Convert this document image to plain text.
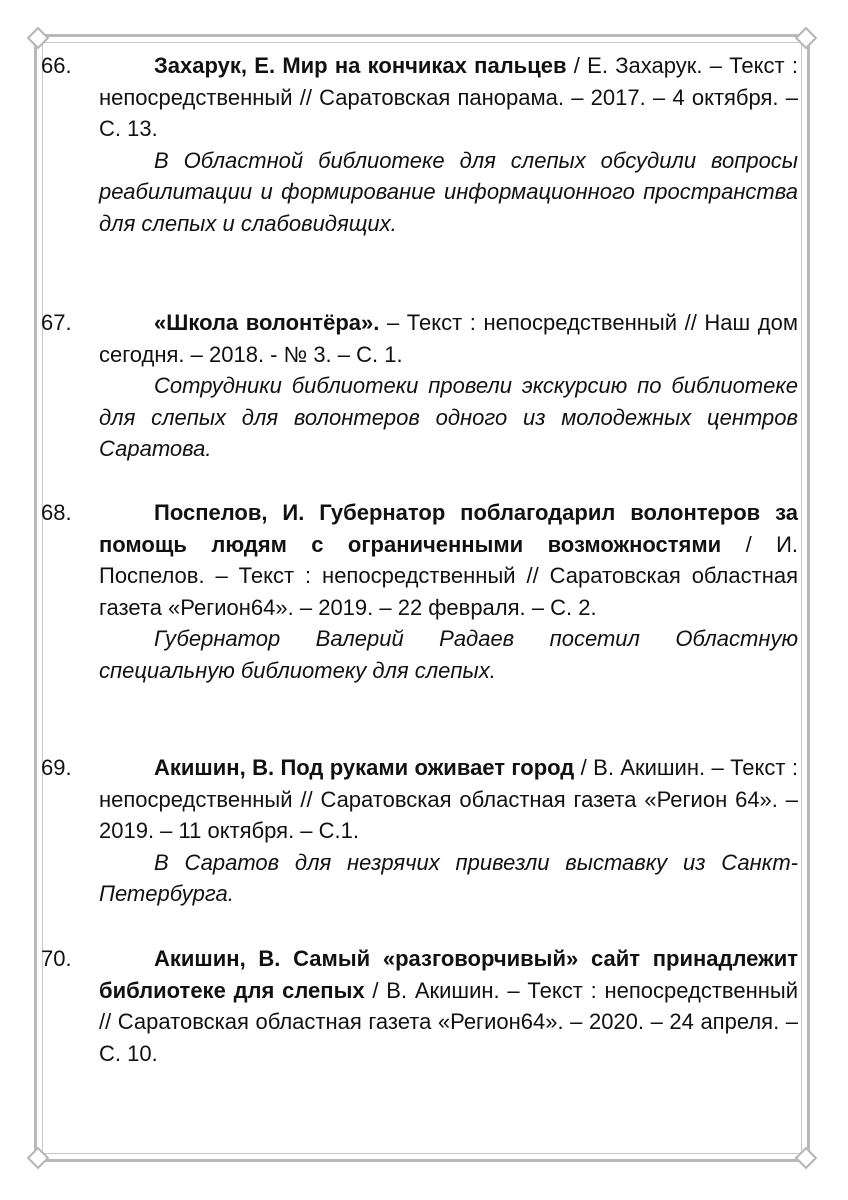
66.	Захарук, Е. Мир на кончиках пальцев / Е. Захарук. – Текст : непосредственный // Саратовская панорама. – 2017. – 4 октября. – С. 13.

В Областной библиотеке для слепых обсудили вопросы реабилитации и формирование информационного пространства для слепых и слабовидящих.

67.	«Школа волонтёра». – Текст : непосредственный // Наш дом сегодня. – 2018. - № 3. – С. 1.

Сотрудники библиотеки провели экскурсию по библиотеке для слепых для волонтеров одного из молодежных центров Саратова.

68.	Поспелов, И. Губернатор поблагодарил волонтеров за помощь людям с ограниченными возможностями / И. Поспелов. – Текст : непосредственный // Саратовская областная газета «Регион64». – 2019. – 22 февраля. – С. 2.

Губернатор Валерий Радаев посетил Областную специальную библиотеку для слепых.

69.	Акишин, В. Под руками оживает город / В. Акишин. – Текст : непосредственный // Саратовская областная газета «Регион 64». – 2019. – 11 октября. – С.1.

В Саратов для незрячих привезли выставку из Санкт-Петербурга.

70.	Акишин, В. Самый «разговорчивый» сайт принадлежит библиотеке для слепых / В. Акишин. – Текст : непосредственный // Саратовская областная газета «Регион64». – 2020. – 24 апреля. – С. 10.
